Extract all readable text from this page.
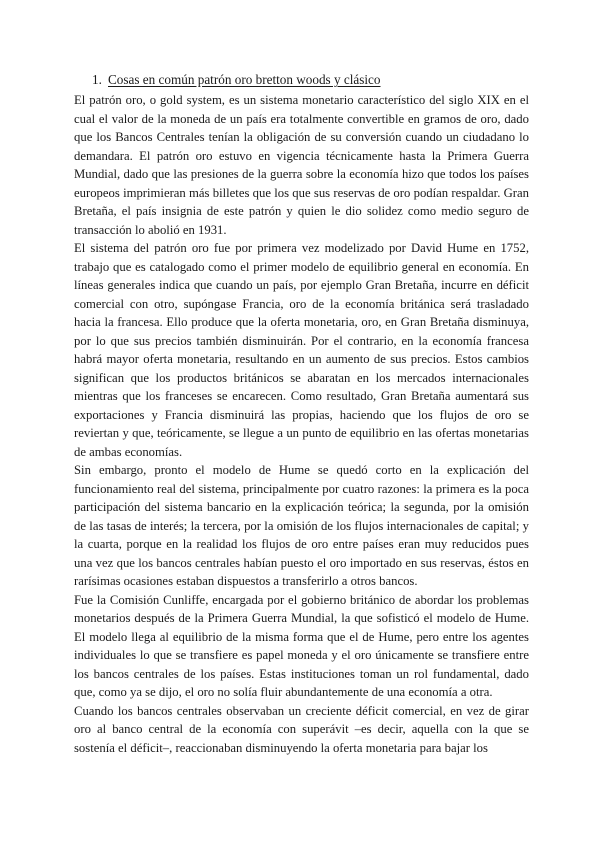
1. Cosas en común patrón oro bretton woods y clásico

El patrón oro, o gold system, es un sistema monetario característico del siglo XIX en el cual el valor de la moneda de un país era totalmente convertible en gramos de oro, dado que los Bancos Centrales tenían la obligación de su conversión cuando un ciudadano lo demandara. El patrón oro estuvo en vigencia técnicamente hasta la Primera Guerra Mundial, dado que las presiones de la guerra sobre la economía hizo que todos los países europeos imprimieran más billetes que los que sus reservas de oro podían respaldar. Gran Bretaña, el país insignia de este patrón y quien le dio solidez como medio seguro de transacción lo abolió en 1931.

El sistema del patrón oro fue por primera vez modelizado por David Hume en 1752, trabajo que es catalogado como el primer modelo de equilibrio general en economía. En líneas generales indica que cuando un país, por ejemplo Gran Bretaña, incurre en déficit comercial con otro, supóngase Francia, oro de la economía británica será trasladado hacia la francesa. Ello produce que la oferta monetaria, oro, en Gran Bretaña disminuya, por lo que sus precios también disminuirán. Por el contrario, en la economía francesa habrá mayor oferta monetaria, resultando en un aumento de sus precios. Estos cambios significan que los productos británicos se abaratan en los mercados internacionales mientras que los franceses se encarecen. Como resultado, Gran Bretaña aumentará sus exportaciones y Francia disminuirá las propias, haciendo que los flujos de oro se reviertan y que, teóricamente, se llegue a un punto de equilibrio en las ofertas monetarias de ambas economías.

Sin embargo, pronto el modelo de Hume se quedó corto en la explicación del funcionamiento real del sistema, principalmente por cuatro razones: la primera es la poca participación del sistema bancario en la explicación teórica; la segunda, por la omisión de las tasas de interés; la tercera, por la omisión de los flujos internacionales de capital; y la cuarta, porque en la realidad los flujos de oro entre países eran muy reducidos pues una vez que los bancos centrales habían puesto el oro importado en sus reservas, éstos en rarísimas ocasiones estaban dispuestos a transferirlo a otros bancos.

Fue la Comisión Cunliffe, encargada por el gobierno británico de abordar los problemas monetarios después de la Primera Guerra Mundial, la que sofisticó el modelo de Hume. El modelo llega al equilibrio de la misma forma que el de Hume, pero entre los agentes individuales lo que se transfiere es papel moneda y el oro únicamente se transfiere entre los bancos centrales de los países. Estas instituciones toman un rol fundamental, dado que, como ya se dijo, el oro no solía fluir abundantemente de una economía a otra.

Cuando los bancos centrales observaban un creciente déficit comercial, en vez de girar oro al banco central de la economía con superávit –es decir, aquella con la que se sostenía el déficit–, reaccionaban disminuyendo la oferta monetaria para bajar los
